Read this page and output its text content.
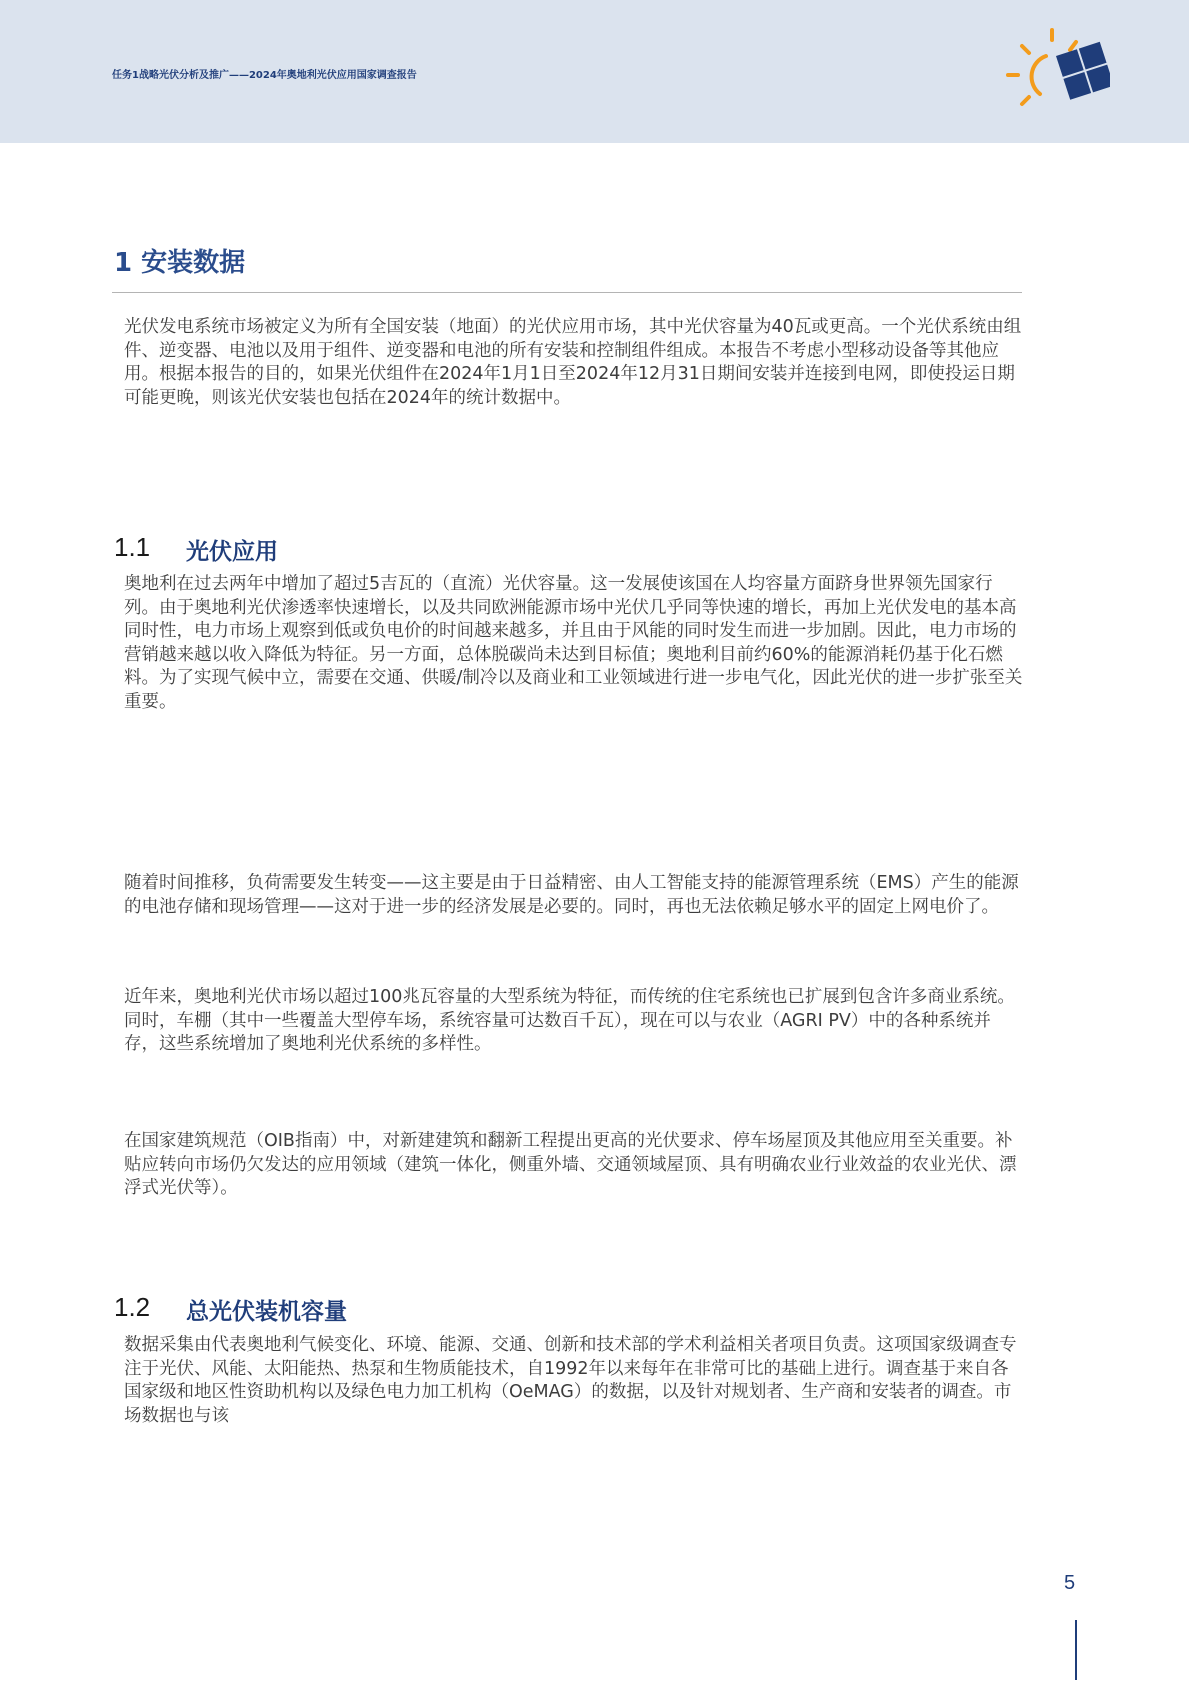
任务1战略光伏分析及推广——2024年奥地利光伏应用国家调查报告
1 安装数据

光伏发电系统市场被定义为所有全国安装（地面）的光伏应用市场，其中光伏容量为40瓦或更高。一个光伏系统由组件、逆变器、电池以及用于组件、逆变器和电池的所有安装和控制组件组成。本报告不考虑小型移动设备等其他应用。根据本报告的目的，如果光伏组件在2024年1月1日至2024年12月31日期间安装并连接到电网，即使投运日期可能更晚，则该光伏安装也包括在2024年的统计数据中。

1.1 光伏应用

奥地利在过去两年中增加了超过5吉瓦的（直流）光伏容量。这一发展使该国在人均容量方面跻身世界领先国家行列。由于奥地利光伏渗透率快速增长，以及共同欧洲能源市场中光伏几乎同等快速的增长，再加上光伏发电的基本高同时性，电力市场上观察到低或负电价的时间越来越多，并且由于风能的同时发生而进一步加剧。因此，电力市场的营销越来越以收入降低为特征。另一方面，总体脱碳尚未达到目标值；奥地利目前约60%的能源消耗仍基于化石燃料。为了实现气候中立，需要在交通、供暖/制冷以及商业和工业领域进行进一步电气化，因此光伏的进一步扩张至关重要。

随着时间推移，负荷需要发生转变——这主要是由于日益精密、由人工智能支持的能源管理系统（EMS）产生的能源的电池存储和现场管理——这对于进一步的经济发展是必要的。同时，再也无法依赖足够水平的固定上网电价了。

近年来，奥地利光伏市场以超过100兆瓦容量的大型系统为特征，而传统的住宅系统也已扩展到包含许多商业系统。同时，车棚（其中一些覆盖大型停车场，系统容量可达数百千瓦），现在可以与农业（AGRI PV）中的各种系统并存，这些系统增加了奥地利光伏系统的多样性。

在国家建筑规范（OIB指南）中，对新建建筑和翻新工程提出更高的光伏要求、停车场屋顶及其他应用至关重要。补贴应转向市场仍欠发达的应用领域（建筑一体化，侧重外墙、交通领域屋顶、具有明确农业行业效益的农业光伏、漂浮式光伏等）。

1.2 总光伏装机容量

数据采集由代表奥地利气候变化、环境、能源、交通、创新和技术部的学术利益相关者项目负责。这项国家级调查专注于光伏、风能、太阳能热、热泵和生物质能技术，自1992年以来每年在非常可比的基础上进行。调查基于来自各国家级和地区性资助机构以及绿色电力加工机构（OeMAG）的数据，以及针对规划者、生产商和安装者的调查。市场数据也与该

5
